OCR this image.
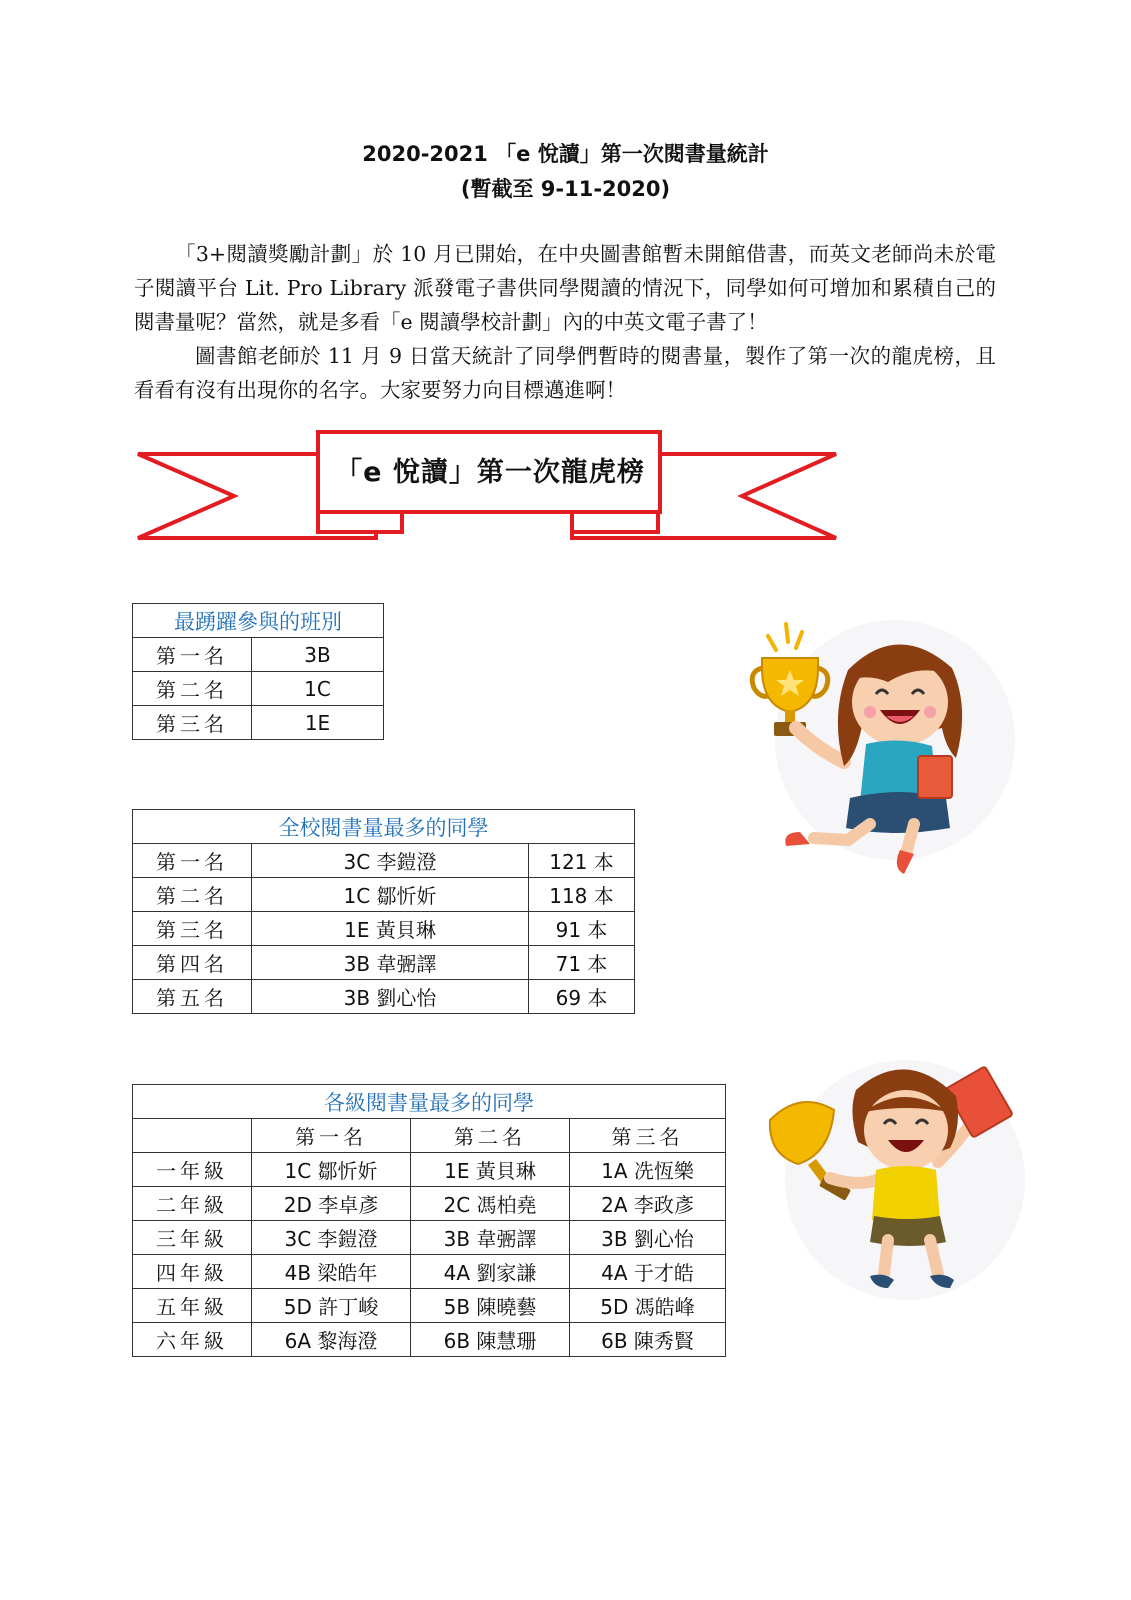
2020-2021 「e 悅讀」第一次閱書量統計
(暫截至 9-11-2020)

「3+閱讀獎勵計劃」於 10 月已開始，在中央圖書館暫未開館借書，而英文老師尚未於電子閱讀平台 Lit. Pro Library 派發電子書供同學閱讀的情況下，同學如何可增加和累積自己的閱書量呢？當然，就是多看「e 閱讀學校計劃」內的中英文電子書了！

圖書館老師於 11 月 9 日當天統計了同學們暫時的閱書量，製作了第一次的龍虎榜，且看看有沒有出現你的名字。大家要努力向目標邁進啊！

「e 悅讀」第一次龍虎榜
最踴躍參與的班別	
第一名	3B
第二名	1C
第三名	1E
全校閱書量最多的同學		
第一名	3C 李鎧澄	121 本
第二名	1C 鄒忻妡	118 本
第三名	1E 黃貝琳	91 本
第四名	3B 韋弻譯	71 本
第五名	3B 劉心怡	69 本
各級閱書量最多的同學			
	第一名	第二名	第三名
一年級	1C 鄒忻妡	1E 黃貝琳	1A 冼恆樂
二年級	2D 李卓彥	2C 馮柏堯	2A 李政彥
三年級	3C 李鎧澄	3B 韋弻譯	3B 劉心怡
四年級	4B 梁皓年	4A 劉家謙	4A 于才皓
五年級	5D 許丁峻	5B 陳曉藝	5D 馮皓峰
六年級	6A 黎海澄	6B 陳慧珊	6B 陳秀賢
